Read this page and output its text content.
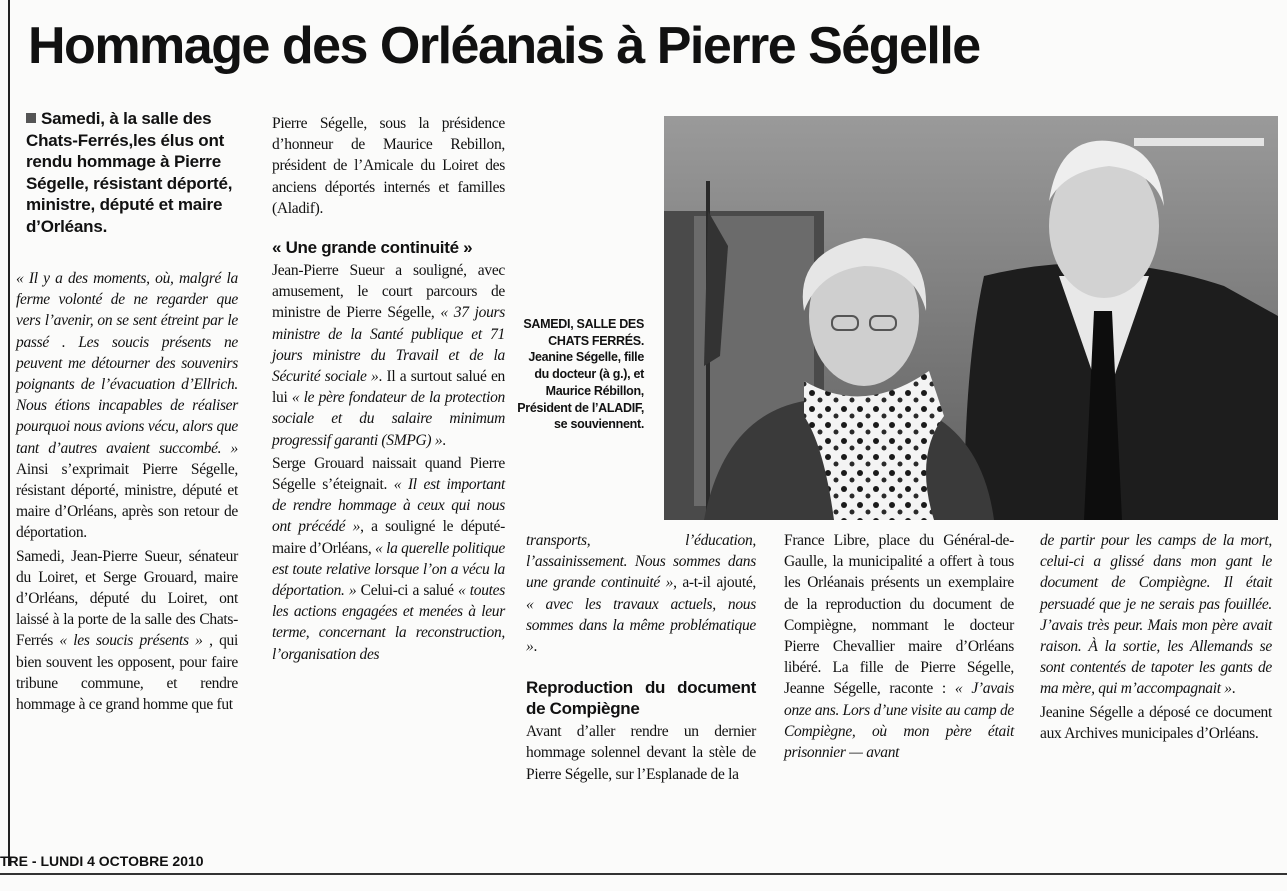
Hommage des Orléanais à Pierre Ségelle

Samedi, à la salle des Chats-Ferrés,les élus ont rendu hommage à Pierre Ségelle, résistant déporté, ministre, député et maire d’Orléans.

« Il y a des moments, où, malgré la ferme volonté de ne regarder que vers l’avenir, on se sent étreint par le passé . Les soucis présents ne peuvent me détourner des souvenirs poignants de l’évacuation d’Ellrich. Nous étions incapables de réaliser pourquoi nous avions vécu, alors que tant d’autres avaient succombé. » Ainsi s’exprimait Pierre Ségelle, résistant déporté, ministre, député et maire d’Orléans, après son retour de déportation.

Samedi, Jean-Pierre Sueur, sénateur du Loiret, et Serge Grouard, maire d’Orléans, député du Loiret, ont laissé à la porte de la salle des Chats-Ferrés « les soucis présents » , qui bien souvent les opposent, pour faire tribune commune, et rendre hommage à ce grand homme que fut

Pierre Ségelle, sous la présidence d’honneur de Maurice Rebillon, président de l’Amicale du Loiret des anciens déportés internés et familles (Aladif).

« Une grande continuité »

Jean-Pierre Sueur a souligné, avec amusement, le court parcours de ministre de Pierre Ségelle, « 37 jours ministre de la Santé publique et 71 jours ministre du Travail et de la Sécurité sociale ». Il a surtout salué en lui « le père fondateur de la protection sociale et du salaire minimum progressif garanti (SMPG) ».

Serge Grouard naissait quand Pierre Ségelle s’éteignait. « Il est important de rendre hommage à ceux qui nous ont précédé », a souligné le député-maire d’Orléans, « la querelle politique est toute relative lorsque l’on a vécu la déportation. » Celui-ci a salué « toutes les actions engagées et menées à leur terme, concernant la reconstruction, l’organisation des

SAMEDI, SALLE DES CHATS FERRÉS. Jeanine Ségelle, fille du docteur (à g.), et Maurice Rébillon, Président de l’ALADIF, se souviennent.

transports, l’éducation, l’assainissement. Nous sommes dans une grande continuité », a-t-il ajouté, « avec les travaux actuels, nous sommes dans la même problématique ».

Reproduction du document de Compiègne

Avant d’aller rendre un dernier hommage solennel devant la stèle de Pierre Ségelle, sur l’Esplanade de la

France Libre, place du Général-de-Gaulle, la municipalité a offert à tous les Orléanais présents un exemplaire de la reproduction du document de Compiègne, nommant le docteur Pierre Chevallier maire d’Orléans libéré. La fille de Pierre Ségelle, Jeanne Ségelle, raconte : « J’avais onze ans. Lors d’une visite au camp de Compiègne, où mon père était prisonnier — avant

de partir pour les camps de la mort, celui-ci a glissé dans mon gant le document de Compiègne. Il était persuadé que je ne serais pas fouillée. J’avais très peur. Mais mon père avait raison. À la sortie, les Allemands se sont contentés de tapoter les gants de ma mère, qui m’accompagnait ».

Jeanine Ségelle a déposé ce document aux Archives municipales d’Orléans.

TRE - LUNDI 4 OCTOBRE 2010
